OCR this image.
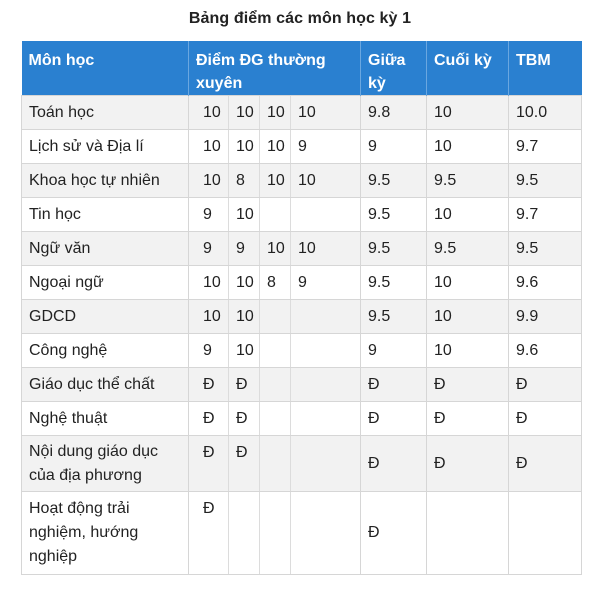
Bảng điểm các môn học kỳ 1
Môn học	Điểm ĐG thường xuyên	Giữa kỳ	Cuối kỳ	TBM
Toán học	10 10 10 10	9.8	10	10.0
Lịch sử và Địa lí	10 10 10 9	9	10	9.7
Khoa học tự nhiên	10 8 10 10	9.5	9.5	9.5
Tin học	9 10	9.5	10	9.7
Ngữ văn	9 9 10 10	9.5	9.5	9.5
Ngoại ngữ	10 10 8 9	9.5	10	9.6
GDCD	10 10	9.5	10	9.9
Công nghệ	9 10	9	10	9.6
Giáo dục thể chất	Đ Đ	Đ	Đ	Đ
Nghệ thuật	Đ Đ	Đ	Đ	Đ
Nội dung giáo dục của địa phương	Đ Đ	Đ	Đ	Đ
Hoạt động trải nghiệm, hướng nghiệp	Đ	Đ		
